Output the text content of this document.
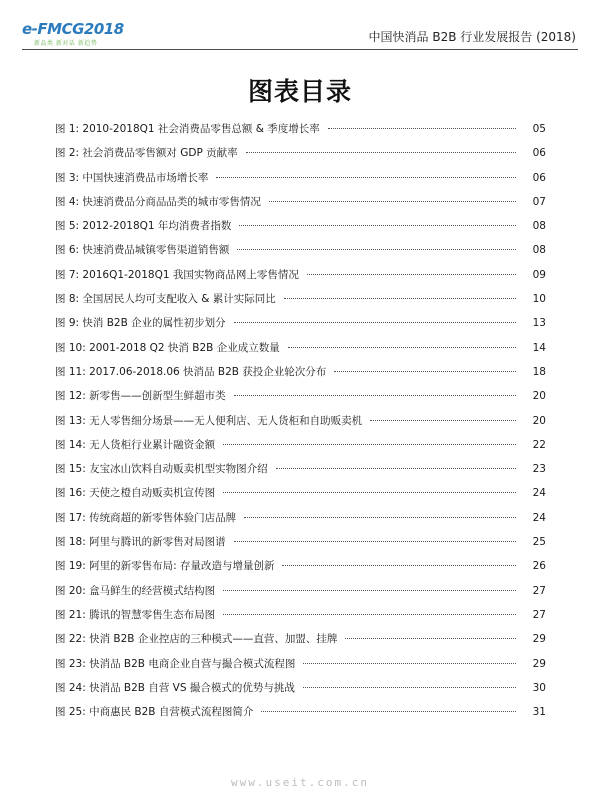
e-FMCG2018
新品类 新对话 新趋势	中国快消品 B2B 行业发展报告 (2018)
图表目录
图 1: 2010-2018Q1 社会消费品零售总额 & 季度增长率	05
图 2: 社会消费品零售额对 GDP 贡献率	06
图 3: 中国快速消费品市场增长率	06
图 4: 快速消费品分商品品类的城市零售情况	07
图 5: 2012-2018Q1 年均消费者指数	08
图 6: 快速消费品城镇零售渠道销售额	08
图 7: 2016Q1-2018Q1 我国实物商品网上零售情况	09
图 8: 全国居民人均可支配收入 & 累计实际同比	10
图 9: 快消 B2B 企业的属性初步划分	13
图 10: 2001-2018 Q2 快消 B2B 企业成立数量	14
图 11: 2017.06-2018.06 快消品 B2B 获投企业轮次分布	18
图 12: 新零售——创新型生鲜超市类	20
图 13: 无人零售细分场景——无人便利店、无人货柜和自助贩卖机	20
图 14: 无人货柜行业累计融资金额	22
图 15: 友宝冰山饮料自动贩卖机型实物图介绍	23
图 16: 天使之橙自动贩卖机宣传图	24
图 17: 传统商超的新零售体验门店品牌	24
图 18: 阿里与腾讯的新零售对局图谱	25
图 19: 阿里的新零售布局: 存量改造与增量创新	26
图 20: 盒马鲜生的经营模式结构图	27
图 21: 腾讯的智慧零售生态布局图	27
图 22: 快消 B2B 企业控店的三种模式——直营、加盟、挂牌	29
图 23: 快消品 B2B 电商企业自营与撮合模式流程图	29
图 24: 快消品 B2B 自营 VS 撮合模式的优势与挑战	30
图 25: 中商惠民 B2B 自营模式流程图简介	31
www.useit.com.cn
